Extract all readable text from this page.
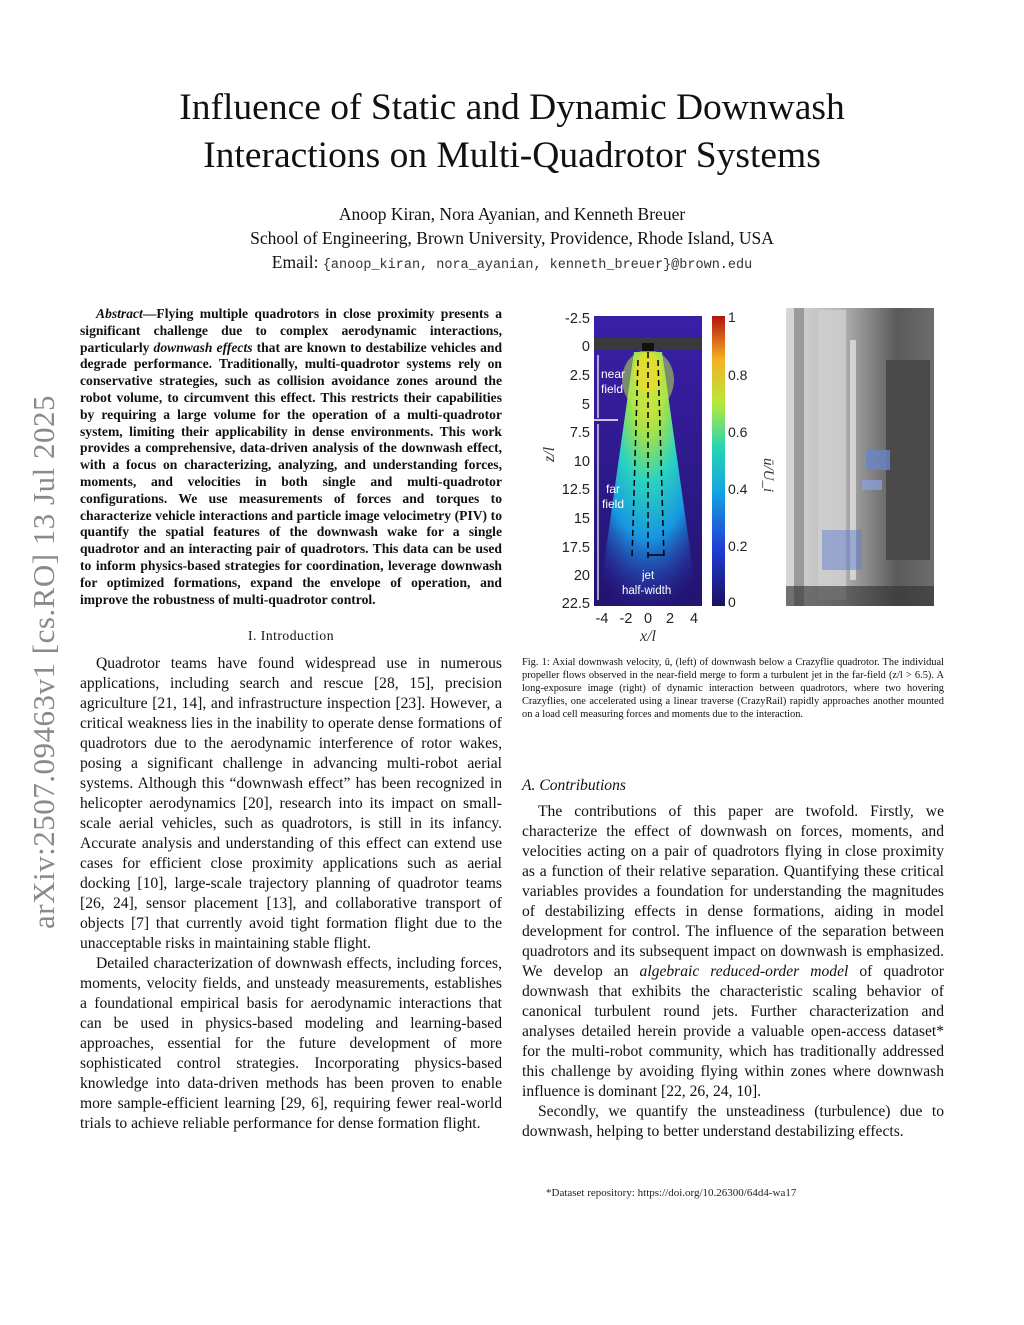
arXiv:2507.09463v1 [cs.RO] 13 Jul 2025
Influence of Static and Dynamic Downwash
Interactions on Multi-Quadrotor Systems
Anoop Kiran, Nora Ayanian, and Kenneth Breuer
School of Engineering, Brown University, Providence, Rhode Island, USA
Email: {anoop_kiran, nora_ayanian, kenneth_breuer}@brown.edu

Abstract—Flying multiple quadrotors in close proximity presents a significant challenge due to complex aerodynamic interactions, particularly downwash effects that are known to destabilize vehicles and degrade performance. Traditionally, multi-quadrotor systems rely on conservative strategies, such as collision avoidance zones around the robot volume, to circumvent this effect. This restricts their capabilities by requiring a large volume for the operation of a multi-quadrotor system, limiting their applicability in dense environments. This work provides a comprehensive, data-driven analysis of the downwash effect, with a focus on characterizing, analyzing, and understanding forces, moments, and velocities in both single and multi-quadrotor configurations. We use measurements of forces and torques to characterize vehicle interactions and particle image velocimetry (PIV) to quantify the spatial features of the downwash wake for a single quadrotor and an interacting pair of quadrotors. This data can be used to inform physics-based strategies for coordination, leverage downwash for optimized formations, expand the envelope of operation, and improve the robustness of multi-quadrotor control.

I. Introduction

Quadrotor teams have found widespread use in numerous applications, including search and rescue [28, 15], precision agriculture [21, 14], and infrastructure inspection [23]. However, a critical weakness lies in the inability to operate dense formations of quadrotors due to the aerodynamic interference of rotor wakes, posing a significant challenge in advancing multi-robot aerial systems. Although this “downwash effect” has been recognized in helicopter aerodynamics [20], research into its impact on small-scale aerial vehicles, such as quadrotors, is still in its infancy. Accurate analysis and understanding of this effect can extend use cases for efficient close proximity applications such as aerial docking [10], large-scale trajectory planning of quadrotor teams [26, 24], sensor placement [13], and collaborative transport of objects [7] that currently avoid tight formation flight due to the unacceptable risks in maintaining stable flight.

Detailed characterization of downwash effects, including forces, moments, velocity fields, and unsteady measurements, establishes a foundational empirical basis for aerodynamic interactions that can be used in physics-based modeling and learning-based approaches, essential for the future development of more sophisticated control strategies. Incorporating physics-based knowledge into data-driven methods has been proven to enable more sample-efficient learning [29, 6], requiring fewer real-world trials to achieve reliable performance for dense formation flight.

near
field
far
field
jet
half-width
-2.5
0
2.5
5
7.5
10
12.5
15
17.5
20
22.5
z/l
-4 -2 0 2 4
x/l
1
0.8
0.6
0.4
0.2
0
ū/U_i
Fig. 1: Axial downwash velocity, ū, (left) of downwash below a Crazyflie quadrotor. The individual propeller flows observed in the near-field merge to form a turbulent jet in the far-field (z/l > 6.5). A long-exposure image (right) of dynamic interaction between quadrotors, where two hovering Crazyflies, one accelerated using a linear traverse (CrazyRail) rapidly approaches another mounted on a load cell measuring forces and moments due to the interaction.

A. Contributions

The contributions of this paper are twofold. Firstly, we characterize the effect of downwash on forces, moments, and velocities acting on a pair of quadrotors flying in close proximity as a function of their relative separation. Quantifying these critical variables provides a foundation for understanding the magnitudes of destabilizing effects in dense formations, aiding in model development for control. The influence of the separation between quadrotors and its subsequent impact on downwash is emphasized. We develop an algebraic reduced-order model of quadrotor downwash that exhibits the characteristic scaling behavior of canonical turbulent round jets. Further characterization and analyses detailed herein provide a valuable open-access dataset* for the multi-robot community, which has traditionally addressed this challenge by avoiding flying within zones where downwash influence is dominant [22, 26, 24, 10].

Secondly, we quantify the unsteadiness (turbulence) due to downwash, helping to better understand destabilizing effects.

*Dataset repository: https://doi.org/10.26300/64d4-wa17
